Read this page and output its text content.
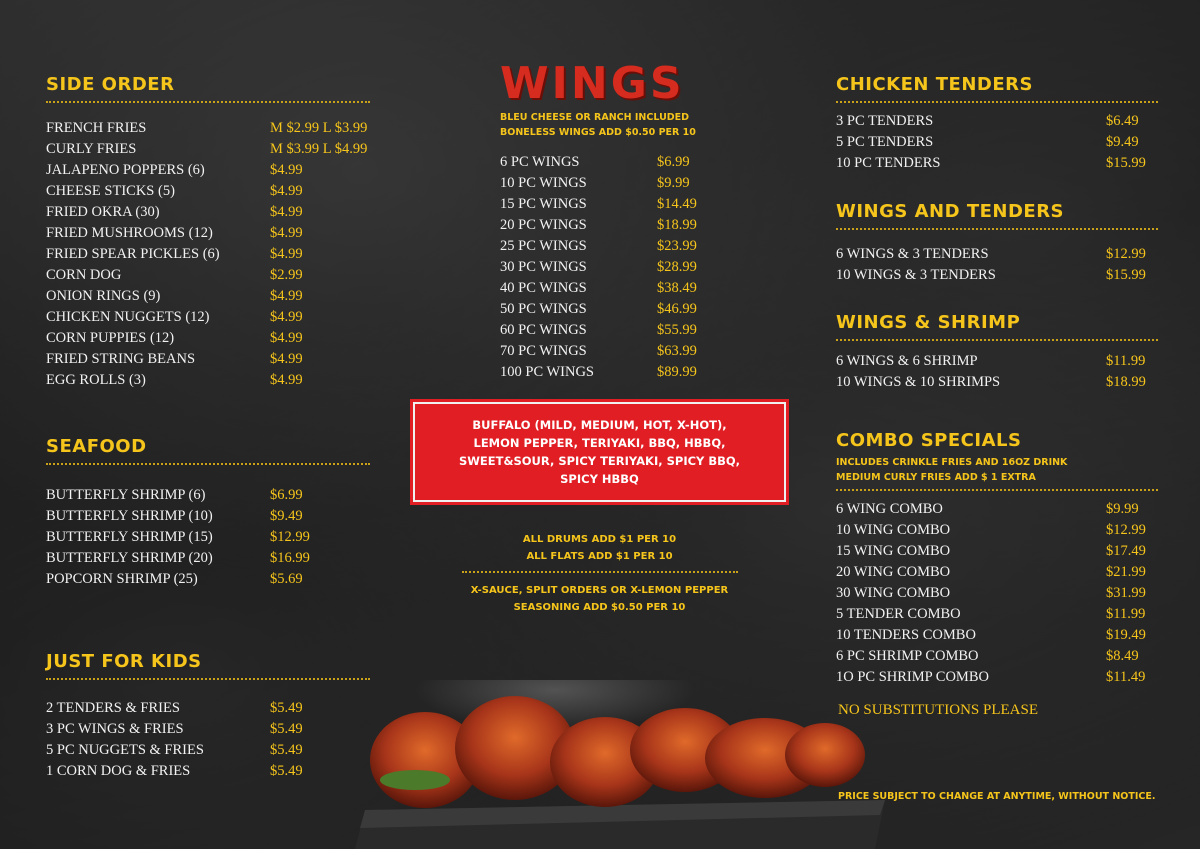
SIDE ORDER
FRENCH FRIES	M $2.99 L $3.99
CURLY FRIES	M $3.99 L $4.99
JALAPENO POPPERS (6)	$4.99
CHEESE STICKS (5)	$4.99
FRIED OKRA (30)	$4.99
FRIED MUSHROOMS (12)	$4.99
FRIED SPEAR PICKLES (6)	$4.99
CORN DOG	$2.99
ONION RINGS (9)	$4.99
CHICKEN NUGGETS (12)	$4.99
CORN PUPPIES (12)	$4.99
FRIED STRING BEANS	$4.99
EGG ROLLS (3)	$4.99
SEAFOOD
BUTTERFLY SHRIMP (6)	$6.99
BUTTERFLY SHRIMP (10)	$9.49
BUTTERFLY SHRIMP (15)	$12.99
BUTTERFLY SHRIMP (20)	$16.99
POPCORN SHRIMP (25)	$5.69
JUST FOR KIDS
2 TENDERS & FRIES	$5.49
3 PC WINGS & FRIES	$5.49
5 PC NUGGETS & FRIES	$5.49
1 CORN DOG & FRIES	$5.49
WINGS

BLEU CHEESE OR RANCH INCLUDED

BONELESS WINGS ADD $0.50 PER 10

6 PC WINGS	$6.99
10 PC WINGS	$9.99
15 PC WINGS	$14.49
20 PC WINGS	$18.99
25 PC WINGS	$23.99
30 PC WINGS	$28.99
40 PC WINGS	$38.49
50 PC WINGS	$46.99
60 PC WINGS	$55.99
70 PC WINGS	$63.99
100 PC WINGS	$89.99

BUFFALO (MILD, MEDIUM, HOT, X-HOT), LEMON PEPPER, TERIYAKI, BBQ, HBBQ, SWEET&SOUR, SPICY TERIYAKI, SPICY BBQ, SPICY HBBQ

ALL DRUMS ADD $1 PER 10
ALL FLATS ADD $1 PER 10
X-SAUCE, SPLIT ORDERS OR X-LEMON PEPPER
SEASONING ADD $0.50 PER 10
CHICKEN TENDERS
3 PC TENDERS	$6.49
5 PC TENDERS	$9.49
10 PC TENDERS	$15.99
WINGS AND TENDERS
6 WINGS & 3 TENDERS	$12.99
10 WINGS & 3 TENDERS	$15.99
WINGS & SHRIMP
6 WINGS & 6 SHRIMP	$11.99
10 WINGS & 10 SHRIMPS	$18.99
COMBO SPECIALS

INCLUDES CRINKLE FRIES AND 16OZ DRINK

MEDIUM CURLY FRIES ADD $ 1 EXTRA

6 WING COMBO	$9.99
10 WING COMBO	$12.99
15 WING COMBO	$17.49
20 WING COMBO	$21.99
30 WING COMBO	$31.99
5 TENDER COMBO	$11.99
10 TENDERS COMBO	$19.49
6 PC SHRIMP COMBO	$8.49
1O PC SHRIMP COMBO	$11.49
NO SUBSTITUTIONS PLEASE
PRICE SUBJECT TO CHANGE AT ANYTIME, WITHOUT NOTICE.
